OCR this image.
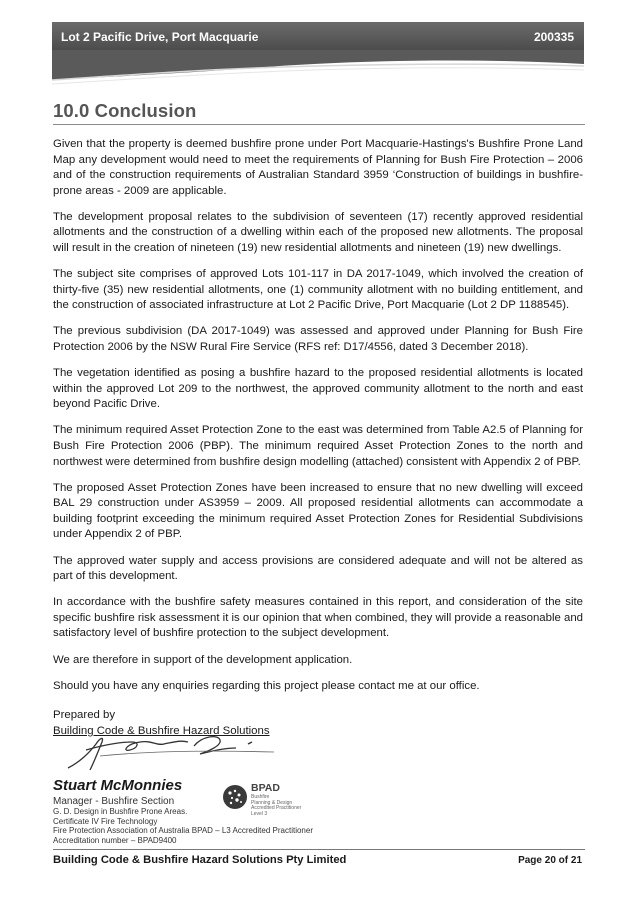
Lot 2 Pacific Drive, Port Macquarie	200335
10.0 Conclusion

Given that the property is deemed bushfire prone under Port Macquarie-Hastings's Bushfire Prone Land Map any development would need to meet the requirements of Planning for Bush Fire Protection – 2006 and of the construction requirements of Australian Standard 3959 ‘Construction of buildings in bushfire-prone areas - 2009 are applicable.

The development proposal relates to the subdivision of seventeen (17) recently approved residential allotments and the construction of a dwelling within each of the proposed new allotments. The proposal will result in the creation of nineteen (19) new residential allotments and nineteen (19) new dwellings.

The subject site comprises of approved Lots 101-117 in DA 2017-1049, which involved the creation of thirty-five (35) new residential allotments, one (1) community allotment with no building entitlement, and the construction of associated infrastructure at Lot 2 Pacific Drive, Port Macquarie (Lot 2 DP 1188545).

The previous subdivision (DA 2017-1049) was assessed and approved under Planning for Bush Fire Protection 2006 by the NSW Rural Fire Service (RFS ref: D17/4556, dated 3 December 2018).

The vegetation identified as posing a bushfire hazard to the proposed residential allotments is located within the approved Lot 209 to the northwest, the approved community allotment to the north and east beyond Pacific Drive.

The minimum required Asset Protection Zone to the east was determined from Table A2.5 of Planning for Bush Fire Protection 2006 (PBP). The minimum required Asset Protection Zones to the north and northwest were determined from bushfire design modelling (attached) consistent with Appendix 2 of PBP.

The proposed Asset Protection Zones have been increased to ensure that no new dwelling will exceed BAL 29 construction under AS3959 – 2009. All proposed residential allotments can accommodate a building footprint exceeding the minimum required Asset Protection Zones for Residential Subdivisions under Appendix 2 of PBP.

The approved water supply and access provisions are considered adequate and will not be altered as part of this development.

In accordance with the bushfire safety measures contained in this report, and consideration of the site specific bushfire risk assessment it is our opinion that when combined, they will provide a reasonable and satisfactory level of bushfire protection to the subject development.

We are therefore in support of the development application.

Should you have any enquiries regarding this project please contact me at our office.

Prepared by
Building Code & Bushfire Hazard Solutions
Stuart McMonnies
Manager - Bushfire Section
G. D. Design in Bushfire Prone Areas.
Certificate IV Fire Technology
Fire Protection Association of Australia BPAD – L3 Accredited Practitioner
Accreditation number – BPAD9400
BPAD
Bushfire
Planning & Design
Accredited Practitioner
Level 3
Building Code & Bushfire Hazard Solutions Pty Limited	Page 20 of 21
